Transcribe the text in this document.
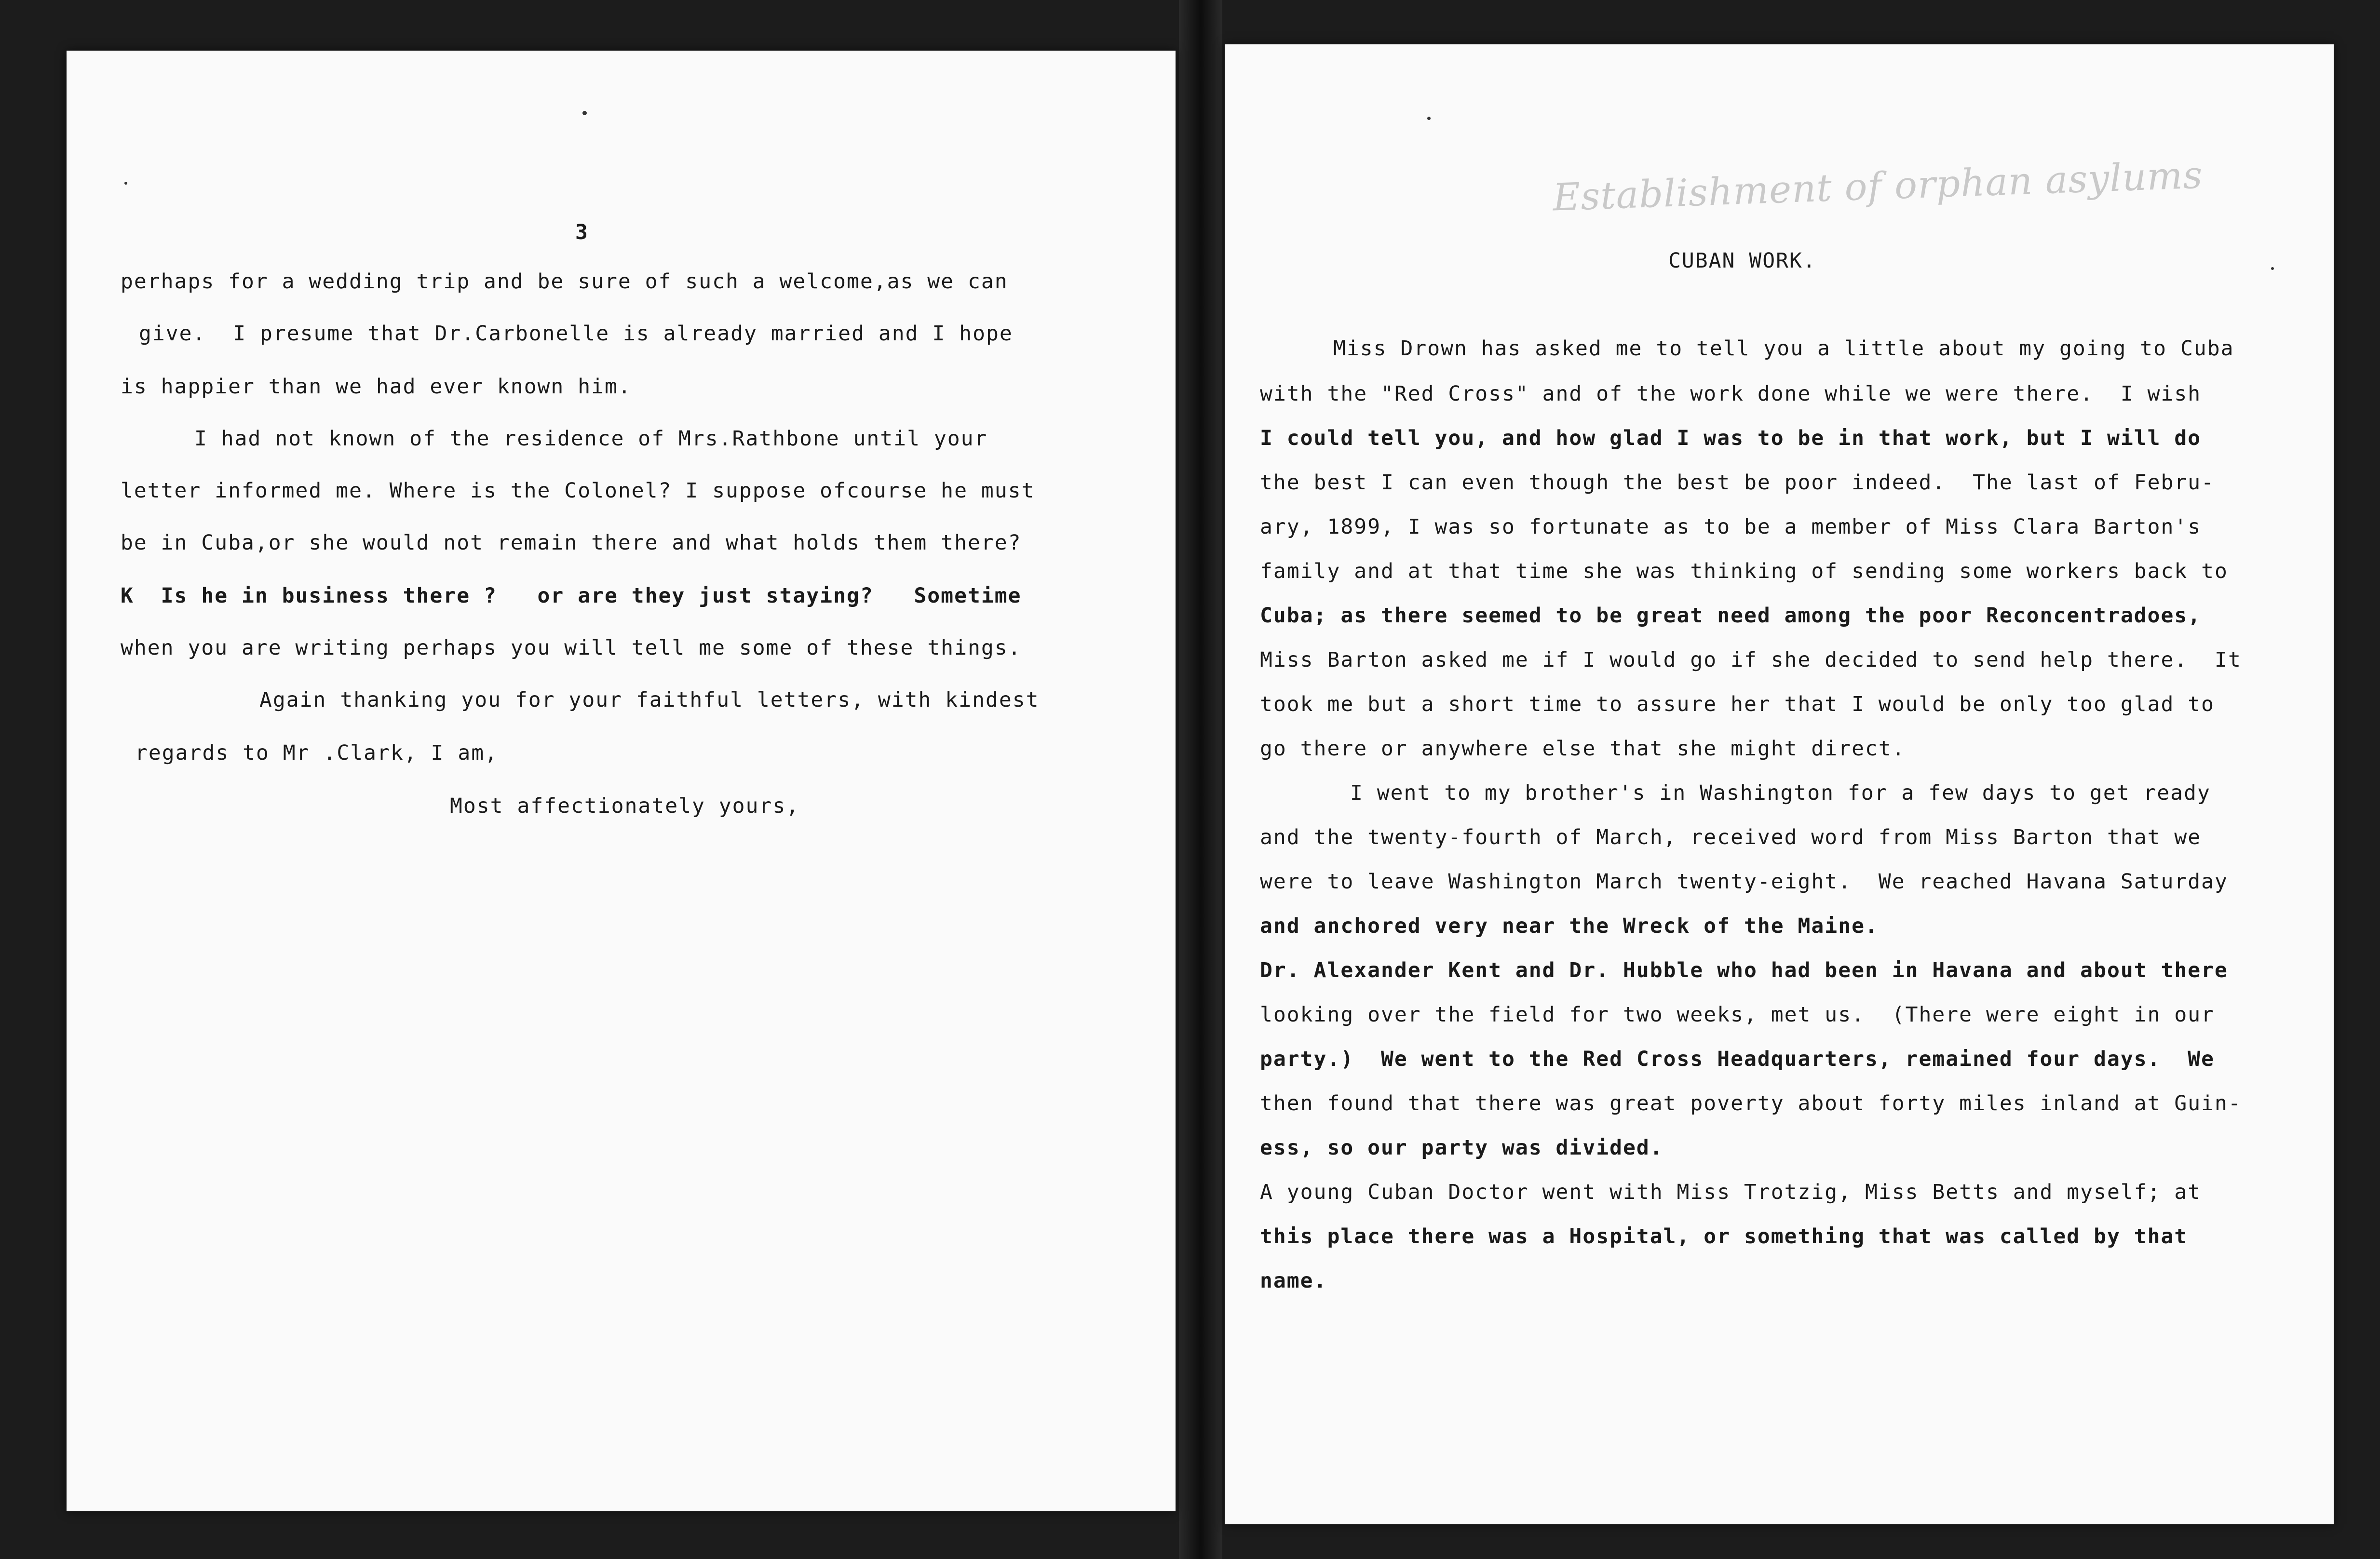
3
perhaps for a wedding trip and be sure of such a welcome,as we can
give.  I presume that Dr.Carbonelle is already married and I hope
is happier than we had ever known him.
I had not known of the residence of Mrs.Rathbone until your
letter informed me. Where is the Colonel? I suppose ofcourse he must
be in Cuba,or she would not remain there and what holds them there?
K  Is he in business there ?   or are they just staying?   Sometime
when you are writing perhaps you will tell me some of these things.
Again thanking you for your faithful letters, with kindest
regards to Mr .Clark, I am,
Most affectionately yours,
Establishment of orphan asylums
CUBAN WORK.
Miss Drown has asked me to tell you a little about my going to Cuba
with the "Red Cross" and of the work done while we were there.  I wish
I could tell you, and how glad I was to be in that work, but I will do
the best I can even though the best be poor indeed.  The last of Febru-
ary, 1899, I was so fortunate as to be a member of Miss Clara Barton's
family and at that time she was thinking of sending some workers back to
Cuba; as there seemed to be great need among the poor Reconcentradoes,
Miss Barton asked me if I would go if she decided to send help there.  It
took me but a short time to assure her that I would be only too glad to
go there or anywhere else that she might direct.
I went to my brother's in Washington for a few days to get ready
and the twenty-fourth of March, received word from Miss Barton that we
were to leave Washington March twenty-eight.  We reached Havana Saturday
and anchored very near the Wreck of the Maine.
Dr. Alexander Kent and Dr. Hubble who had been in Havana and about there
looking over the field for two weeks, met us.  (There were eight in our
party.)  We went to the Red Cross Headquarters, remained four days.  We
then found that there was great poverty about forty miles inland at Guin-
ess, so our party was divided.
A young Cuban Doctor went with Miss Trotzig, Miss Betts and myself; at
this place there was a Hospital, or something that was called by that
name.
